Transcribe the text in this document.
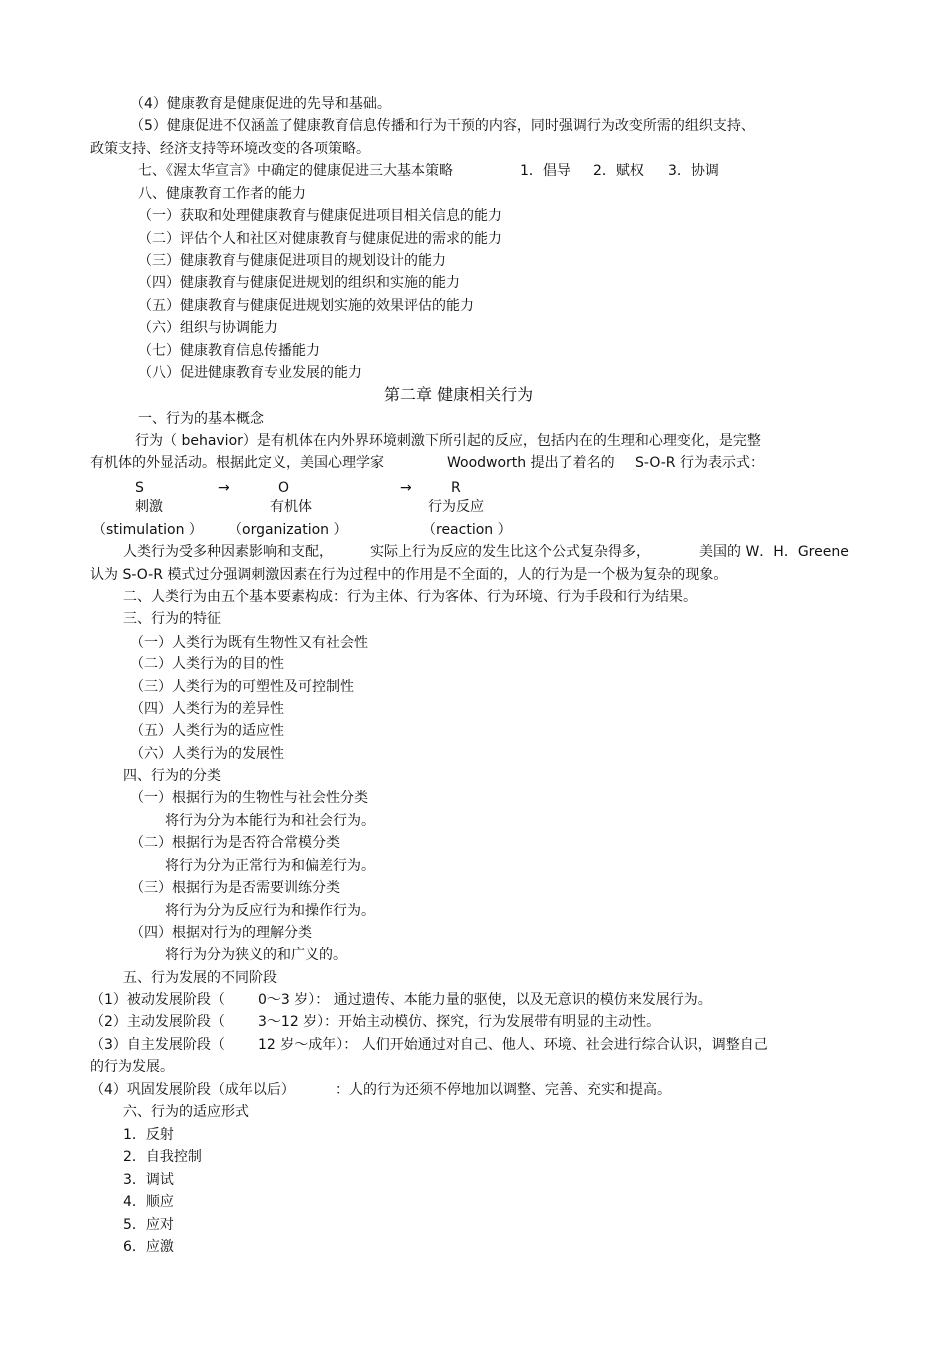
（4）健康教育是健康促进的先导和基础。
（5）健康促进不仅涵盖了健康教育信息传播和行为干预的内容，同时强调行为改变所需的组织支持、
政策支持、经济支持等环境改变的各项策略。
七、《渥太华宣言》中确定的健康促进三大基本策略	1．倡导 2．赋权 3．协调
八、健康教育工作者的能力
（一）获取和处理健康教育与健康促进项目相关信息的能力
（二）评估个人和社区对健康教育与健康促进的需求的能力
（三）健康教育与健康促进项目的规划设计的能力
（四）健康教育与健康促进规划的组织和实施的能力
（五）健康教育与健康促进规划实施的效果评估的能力
（六）组织与协调能力
（七）健康教育信息传播能力
（八）促进健康教育专业发展的能力
第二章 健康相关行为
一、行为的基本概念
行为（ behavior）是有机体在内外界环境刺激下所引起的反应，包括内在的生理和心理变化，是完整
有机体的外显活动。根据此定义，美国心理学家	Woodworth 提出了着名的 S-O-R 行为表示式：
S	→	O	→	R
刺激	有机体	行为反应
（stimulation ） （organization ）	（reaction ）
人类行为受多种因素影响和支配，	实际上行为反应的发生比这个公式复杂得多，	美国的 W．H．Greene
认为 S-O-R 模式过分强调刺激因素在行为过程中的作用是不全面的，人的行为是一个极为复杂的现象。
二、人类行为由五个基本要素构成：行为主体、行为客体、行为环境、行为手段和行为结果。
三、行为的特征
（一）人类行为既有生物性又有社会性
（二）人类行为的目的性
（三）人类行为的可塑性及可控制性
（四）人类行为的差异性
（五）人类行为的适应性
（六）人类行为的发展性
四、行为的分类
（一）根据行为的生物性与社会性分类
将行为分为本能行为和社会行为。
（二）根据行为是否符合常模分类
将行为分为正常行为和偏差行为。
（三）根据行为是否需要训练分类
将行为分为反应行为和操作行为。
（四）根据对行为的理解分类
将行为分为狭义的和广义的。
五、行为发展的不同阶段
（1）被动发展阶段（ 0～3 岁）： 通过遗传、本能力量的驱使，以及无意识的模仿来发展行为。
（2）主动发展阶段（ 3～12 岁）：开始主动模仿、探究，行为发展带有明显的主动性。
（3）自主发展阶段（ 12 岁～成年）： 人们开始通过对自己、他人、环境、社会进行综合认识，调整自己
的行为发展。
（4）巩固发展阶段（成年以后）	：人的行为还须不停地加以调整、完善、充实和提高。
六、行为的适应形式
1．反射
2．自我控制
3．调试
4．顺应
5．应对
6．应激
